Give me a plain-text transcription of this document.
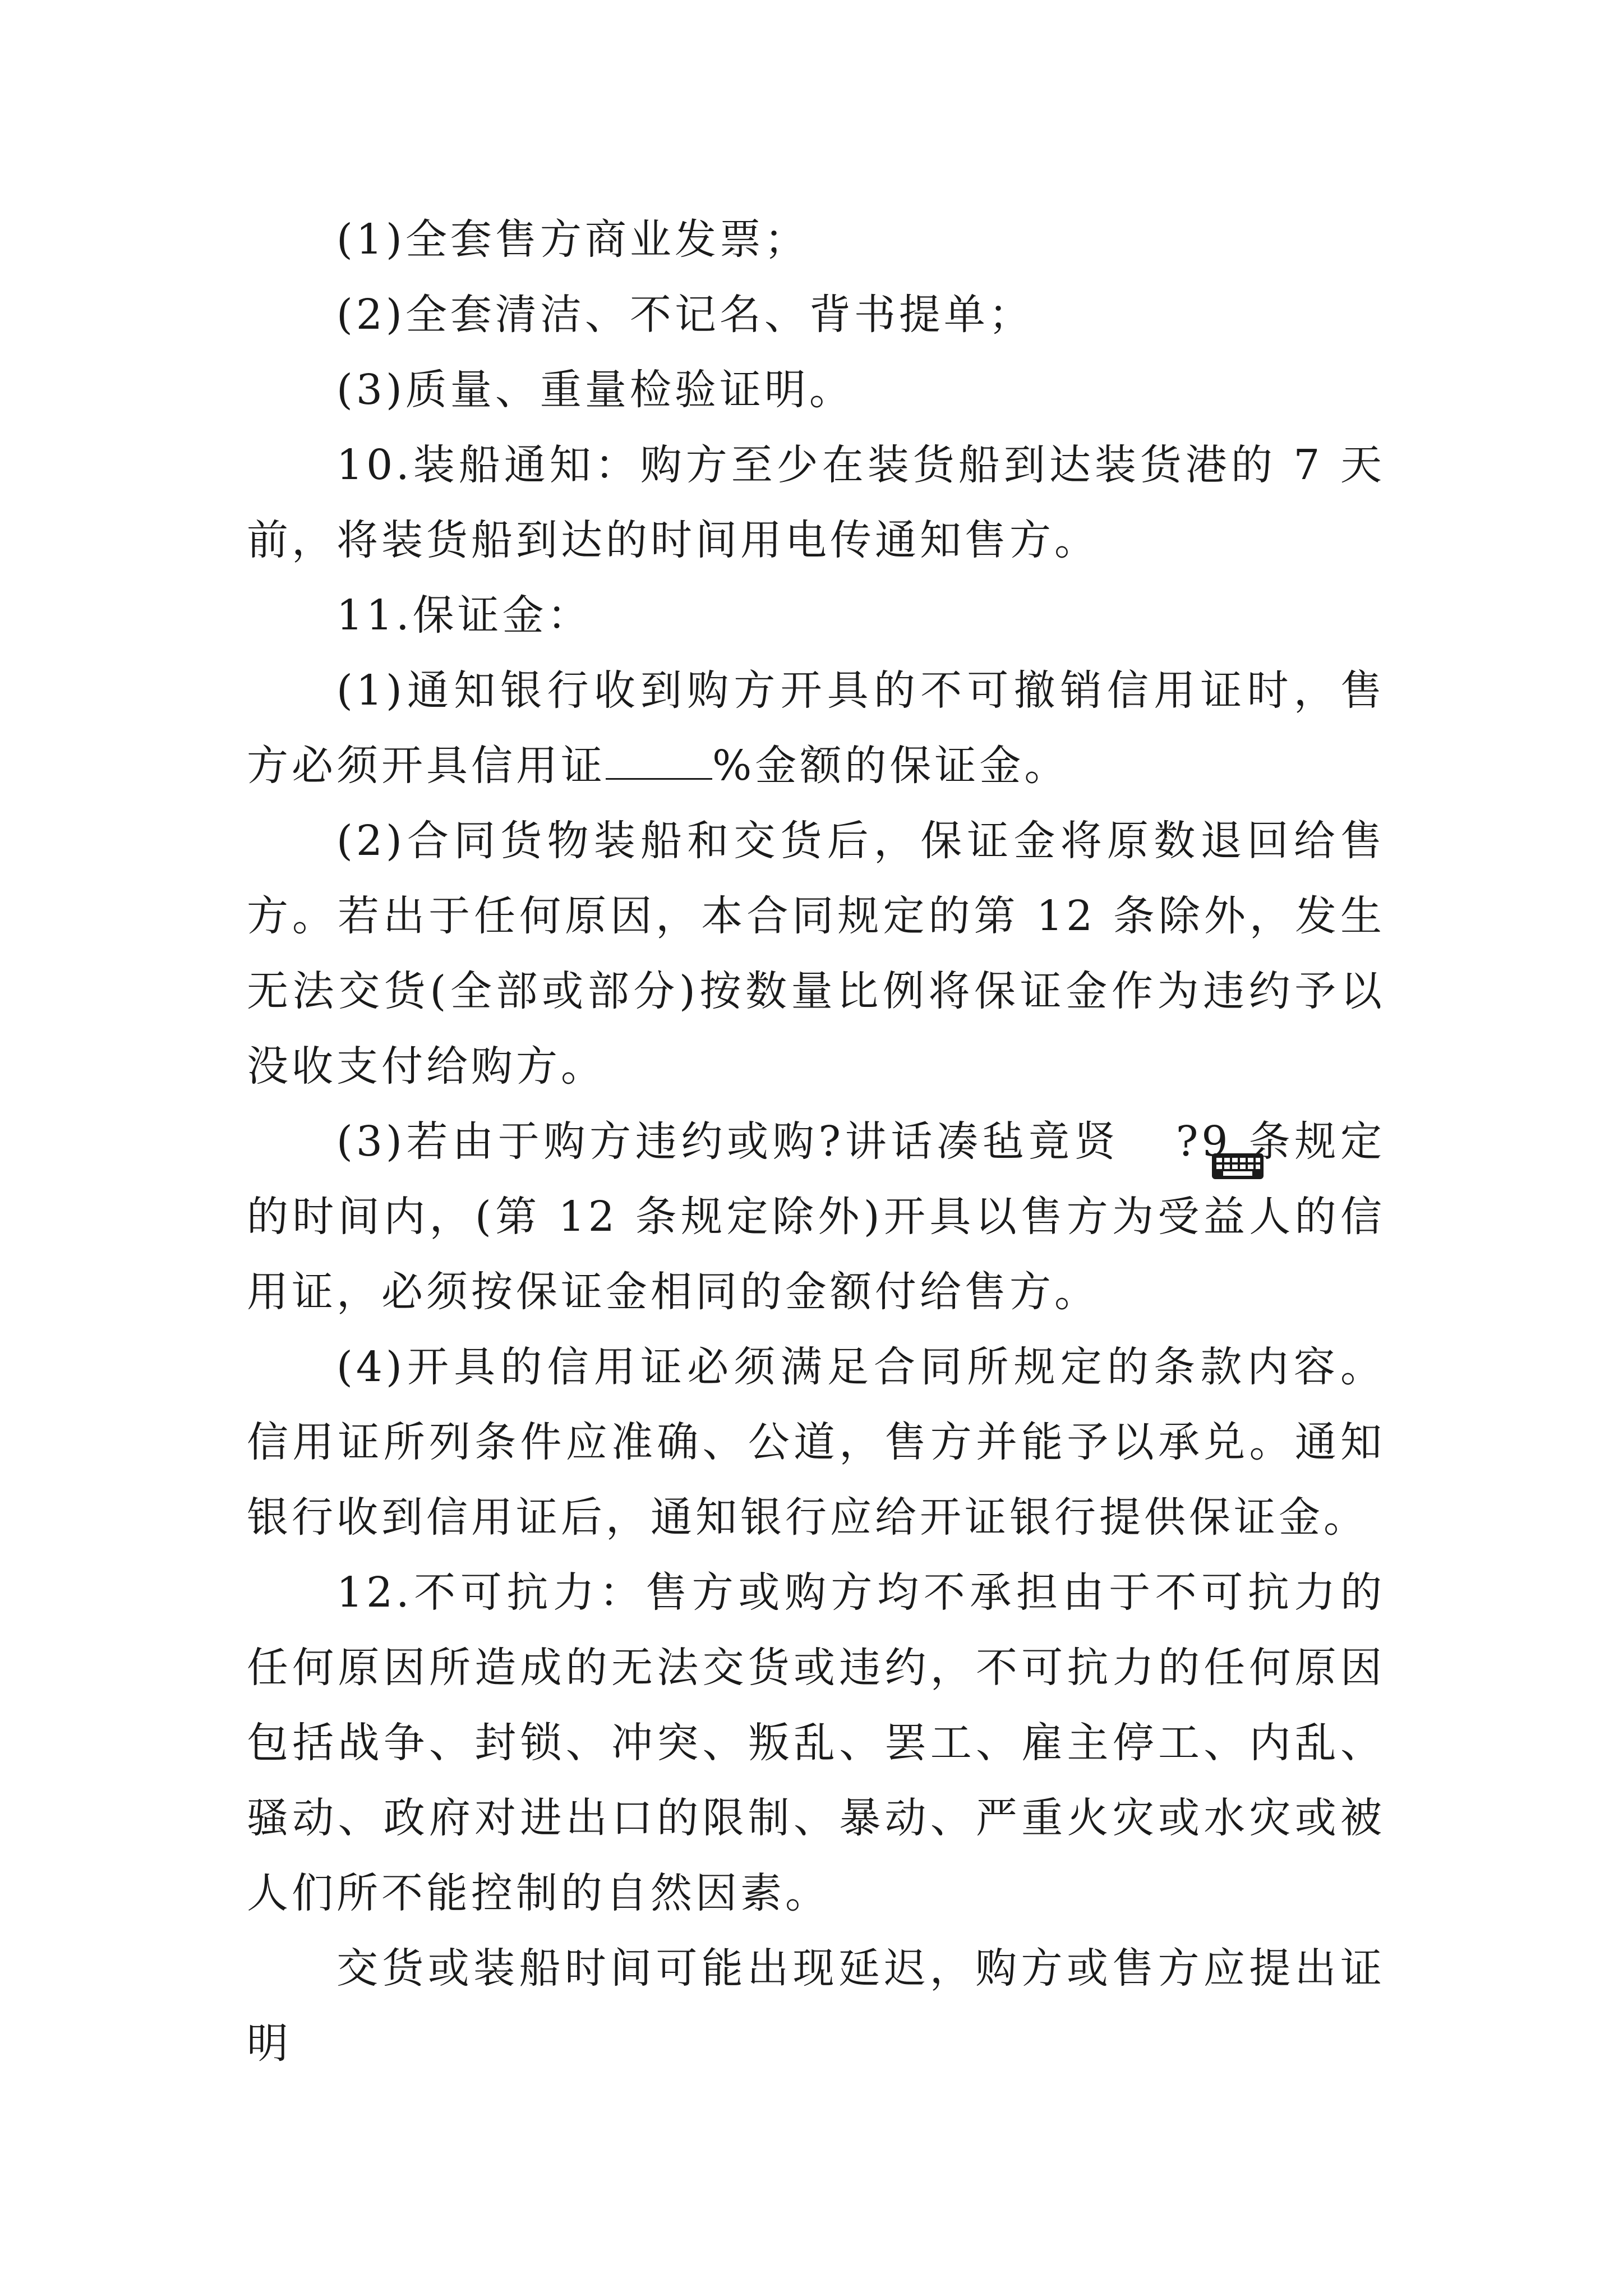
(1)全套售方商业发票；

(2)全套清洁、不记名、背书提单；

(3)质量、重量检验证明。

10.装船通知：购方至少在装货船到达装货港的 7 天前，将装货船到达的时间用电传通知售方。

11.保证金：

(1)通知银行收到购方开具的不可撤销信用证时，售方必须开具信用证	%金额的保证金。

(2)合同货物装船和交货后，保证金将原数退回给售方。若出于任何原因，本合同规定的第 12 条除外，发生无法交货(全部或部分)按数量比例将保证金作为违约予以没收支付给购方。

(3)若由于购方违约或购?讲话凑毡竟贤 ?9 条规定的时间内，(第 12 条规定除外)开具以售方为受益人的信用证，必须按保证金相同的金额付给售方。

(4)开具的信用证必须满足合同所规定的条款内容。信用证所列条件应准确、公道，售方并能予以承兑。通知银行收到信用证后，通知银行应给开证银行提供保证金。

12.不可抗力：售方或购方均不承担由于不可抗力的任何原因所造成的无法交货或违约，不可抗力的任何原因包括战争、封锁、冲突、叛乱、罢工、雇主停工、内乱、骚动、政府对进出口的限制、暴动、严重火灾或水灾或被人们所不能控制的自然因素。

交货或装船时间可能出现延迟，购方或售方应提出证明
